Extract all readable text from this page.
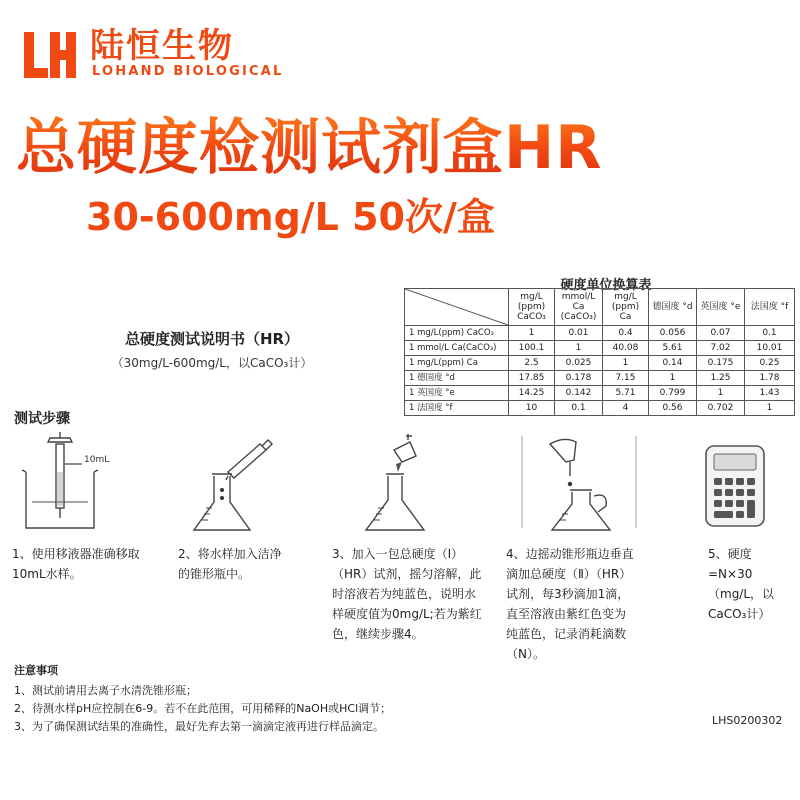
陆恒生物
LOHAND BIOLOGICAL
总硬度检测试剂盒HR
30-600mg/L 50次/盒
硬度单位换算表
	mg/L (ppm) CaCO₃	mmol/L Ca (CaCO₃)	mg/L (ppm) Ca	德国度 °d	英国度 °e	法国度 °f
1 mg/L(ppm) CaCO₃	1	0.01	0.4	0.056	0.07	0.1
1 mmol/L Ca(CaCO₃)	100.1	1	40.08	5.61	7.02	10.01
1 mg/L(ppm) Ca	2.5	0.025	1	0.14	0.175	0.25
1 德国度 °d	17.85	0.178	7.15	1	1.25	1.78
1 英国度 °e	14.25	0.142	5.71	0.799	1	1.43
1 法国度 °f	10	0.1	4	0.56	0.702	1
总硬度测试说明书（HR）
（30mg/L-600mg/L，以CaCO₃计）
测试步骤
10mL
1、使用移液器准确移取10mL水样。
2、将水样加入洁净的锥形瓶中。
3、加入一包总硬度（Ⅰ）（HR）试剂，摇匀溶解，此时溶液若为纯蓝色，说明水样硬度值为0mg/L;若为紫红色，继续步骤4。
4、边摇动锥形瓶边垂直滴加总硬度（Ⅱ）（HR）试剂，每3秒滴加1滴，直至溶液由紫红色变为纯蓝色，记录消耗滴数（N）。
5、硬度=N×30（mg/L，以CaCO₃计）
注意事项
1、测试前请用去离子水清洗锥形瓶；
2、待测水样pH应控制在6-9。若不在此范围，可用稀释的NaOH或HCl调节；
3、为了确保测试结果的准确性，最好先弃去第一滴滴定液再进行样品滴定。	LHS0200302
